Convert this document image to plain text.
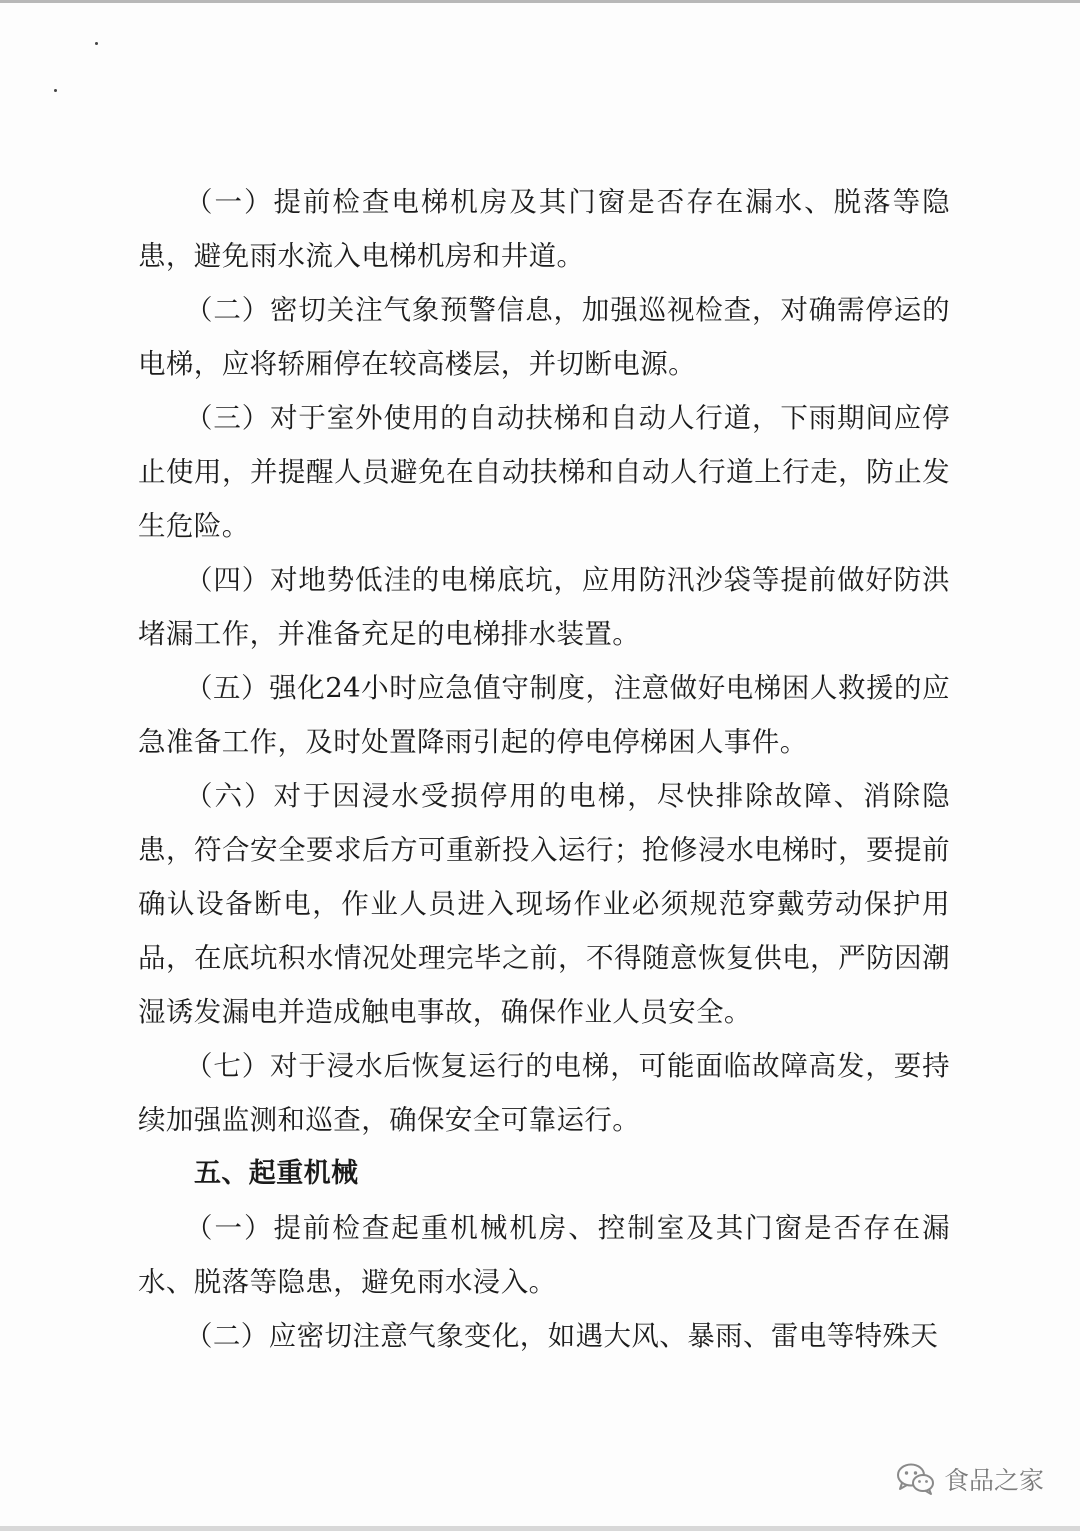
（一）提前检查电梯机房及其门窗是否存在漏水、脱落等隐患，避免雨水流入电梯机房和井道。

（二）密切关注气象预警信息，加强巡视检查，对确需停运的电梯，应将轿厢停在较高楼层，并切断电源。

（三）对于室外使用的自动扶梯和自动人行道，下雨期间应停止使用，并提醒人员避免在自动扶梯和自动人行道上行走，防止发生危险。

（四）对地势低洼的电梯底坑，应用防汛沙袋等提前做好防洪堵漏工作，并准备充足的电梯排水装置。

（五）强化24小时应急值守制度，注意做好电梯困人救援的应急准备工作，及时处置降雨引起的停电停梯困人事件。

（六）对于因浸水受损停用的电梯，尽快排除故障、消除隐患，符合安全要求后方可重新投入运行；抢修浸水电梯时，要提前确认设备断电，作业人员进入现场作业必须规范穿戴劳动保护用品，在底坑积水情况处理完毕之前，不得随意恢复供电，严防因潮湿诱发漏电并造成触电事故，确保作业人员安全。

（七）对于浸水后恢复运行的电梯，可能面临故障高发，要持续加强监测和巡查，确保安全可靠运行。

五、起重机械

（一）提前检查起重机械机房、控制室及其门窗是否存在漏水、脱落等隐患，避免雨水浸入。

（二）应密切注意气象变化，如遇大风、暴雨、雷电等特殊天

食品之家
